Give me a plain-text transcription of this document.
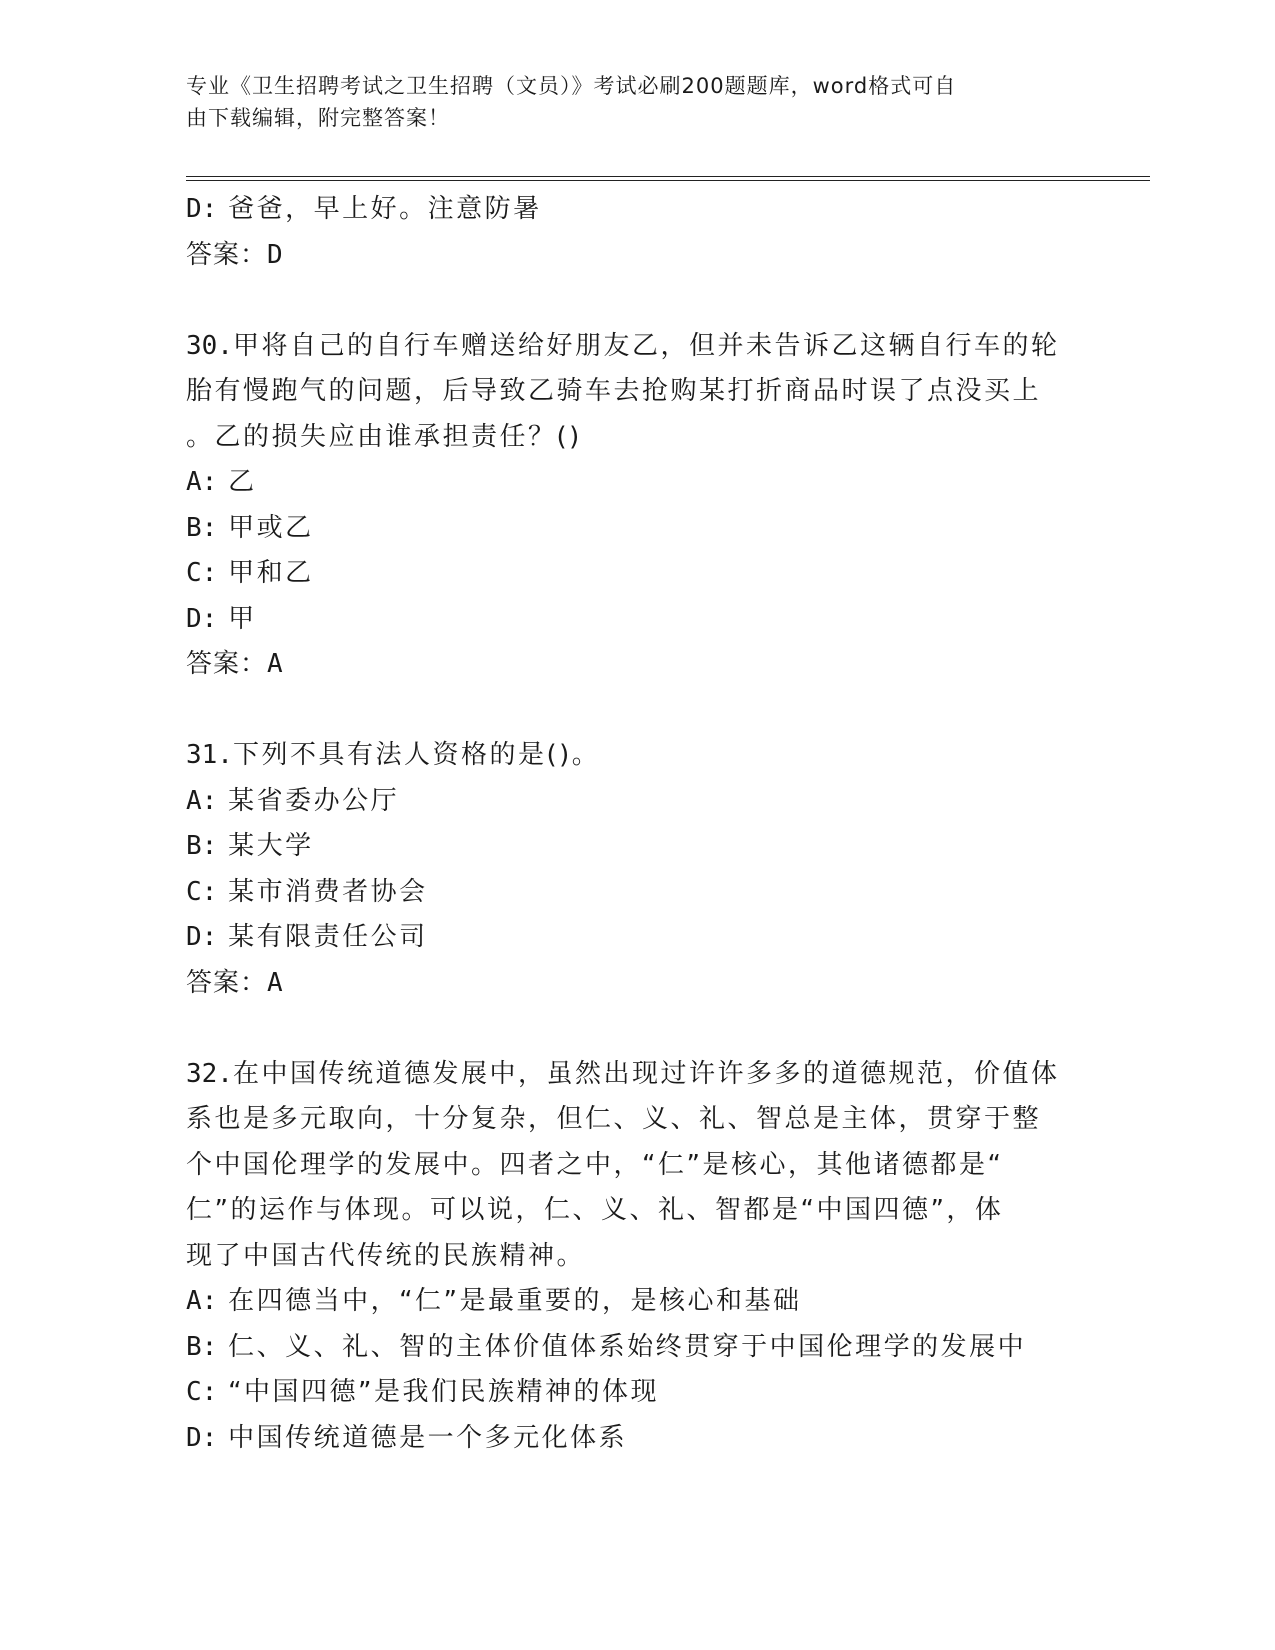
专业《卫生招聘考试之卫生招聘（文员）》考试必刷200题题库，word格式可自
由下载编辑，附完整答案！
D: 爸爸，早上好。注意防暑
答案：D
30.甲将自己的自行车赠送给好朋友乙，但并未告诉乙这辆自行车的轮
胎有慢跑气的问题，后导致乙骑车去抢购某打折商品时误了点没买上
。乙的损失应由谁承担责任？()
A: 乙
B: 甲或乙
C: 甲和乙
D: 甲
答案：A
31.下列不具有法人资格的是()。
A: 某省委办公厅
B: 某大学
C: 某市消费者协会
D: 某有限责任公司
答案：A
32.在中国传统道德发展中，虽然出现过许许多多的道德规范，价值体
系也是多元取向，十分复杂，但仁、义、礼、智总是主体，贯穿于整
个中国伦理学的发展中。四者之中，“仁”是核心，其他诸德都是“
仁”的运作与体现。可以说，仁、义、礼、智都是“中国四德”，体
现了中国古代传统的民族精神。
A: 在四德当中，“仁”是最重要的，是核心和基础
B: 仁、义、礼、智的主体价值体系始终贯穿于中国伦理学的发展中
C: “中国四德”是我们民族精神的体现
D: 中国传统道德是一个多元化体系
